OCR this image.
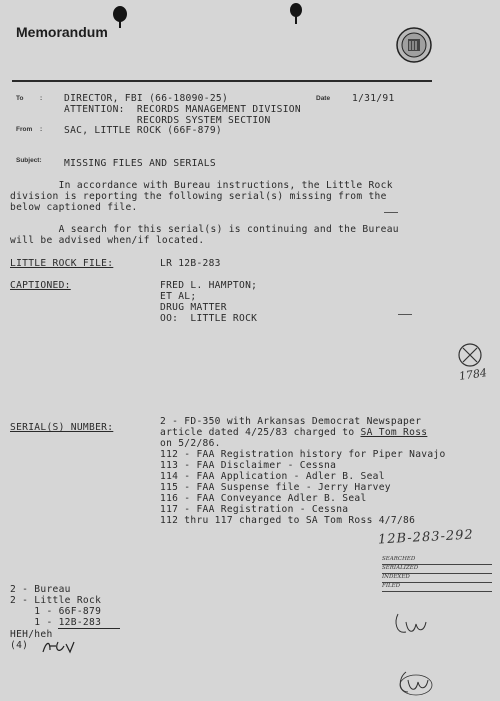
Memorandum
To	: DIRECTOR, FBI (66-18090-25)	Date 1/31/91
ATTENTION:  RECORDS MANAGEMENT DIVISION
RECORDS SYSTEM SECTION
From : SAC, LITTLE ROCK (66F-879)
Subject: MISSING FILES AND SERIALS
In accordance with Bureau instructions, the Little Rock
division is reporting the following serial(s) missing from the
below captioned file.
A search for this serial(s) is continuing and the Bureau
will be advised when/if located.
LITTLE ROCK FILE:	LR 12B-283
CAPTIONED:	FRED L. HAMPTON;
ET AL;
DRUG MATTER
OO:  LITTLE ROCK
1784
SERIAL(S) NUMBER:
2 - FD-350 with Arkansas Democrat Newspaper
article dated 4/25/83 charged to SA Tom Ross
on 5/2/86.
112 - FAA Registration history for Piper Navajo
113 - FAA Disclaimer - Cessna
114 - FAA Application - Adler B. Seal
115 - FAA Suspense file - Jerry Harvey
116 - FAA Conveyance Adler B. Seal
117 - FAA Registration - Cessna
112 thru 117 charged to SA Tom Ross 4/7/86
12B-283-292
SEARCHED
SERIALIZED
INDEXED
FILED
2 - Bureau
2 - Little Rock
1 - 66F-879
1 - 12B-283
HEH/heh
(4)
